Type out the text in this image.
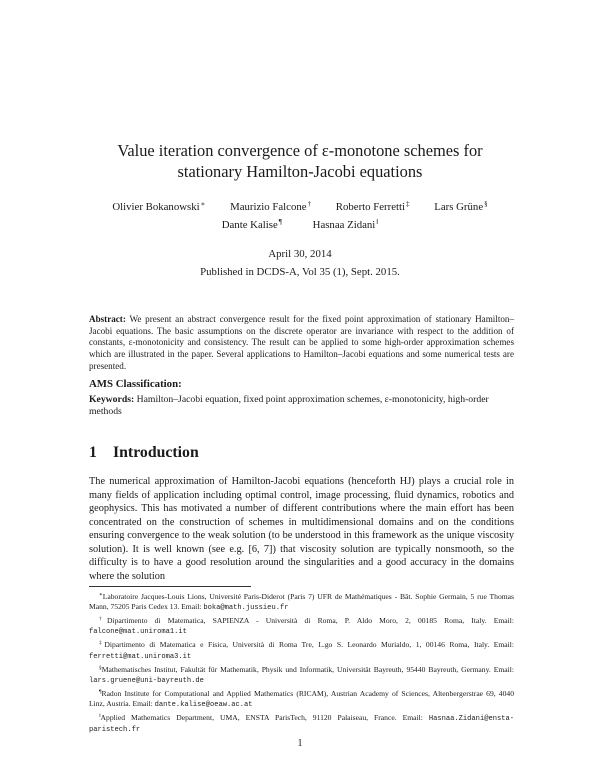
Value iteration convergence of ε-monotone schemes for
stationary Hamilton-Jacobi equations
Olivier Bokanowski∗ Maurizio Falcone† Roberto Ferretti‡ Lars Grüne§
Dante Kalise¶	Hasnaa Zidani‖
April 30, 2014
Published in DCDS-A, Vol 35 (1), Sept. 2015.
Abstract: We present an abstract convergence result for the fixed point approximation of stationary Hamilton–Jacobi equations. The basic assumptions on the discrete operator are invariance with respect to the addition of constants, ε-monotonicity and consistency. The result can be applied to some high-order approximation schemes which are illustrated in the paper. Several applications to Hamilton–Jacobi equations and some numerical tests are presented.
AMS Classification:
Keywords: Hamilton–Jacobi equation, fixed point approximation schemes, ε-monotonicity, high-order methods
1 Introduction
The numerical approximation of Hamilton-Jacobi equations (henceforth HJ) plays a crucial role in many fields of application including optimal control, image processing, fluid dynamics, robotics and geophysics. This has motivated a number of different contributions where the main effort has been concentrated on the construction of schemes in multidimensional domains and on the conditions ensuring convergence to the weak solution (to be understood in this framework as the unique viscosity solution). It is well known (see e.g. [6, 7]) that viscosity solution are typically nonsmooth, so the difficulty is to have a good resolution around the singularities and a good accuracy in the domains where the solution
∗Laboratoire Jacques-Louis Lions, Université Paris-Diderot (Paris 7) UFR de Mathématiques - Bât. Sophie Germain, 5 rue Thomas Mann, 75205 Paris Cedex 13. Email: boka@math.jussieu.fr
†Dipartimento di Matematica, SAPIENZA - Università di Roma, P. Aldo Moro, 2, 00185 Roma, Italy. Email: falcone@mat.uniroma1.it
‡Dipartimento di Matematica e Fisica, Università di Roma Tre, L.go S. Leonardo Murialdo, 1, 00146 Roma, Italy. Email: ferretti@mat.uniroma3.it
§Mathematisches Institut, Fakultät für Mathematik, Physik und Informatik, Universität Bayreuth, 95440 Bayreuth, Germany. Email: lars.gruene@uni-bayreuth.de
¶Radon Institute for Computational and Applied Mathematics (RICAM), Austrian Academy of Sciences, Altenbergerstrae 69, 4040 Linz, Austria. Email: dante.kalise@oeaw.ac.at
‖Applied Mathematics Department, UMA, ENSTA ParisTech, 91120 Palaiseau, France. Email: Hasnaa.Zidani@ensta-paristech.fr
1
